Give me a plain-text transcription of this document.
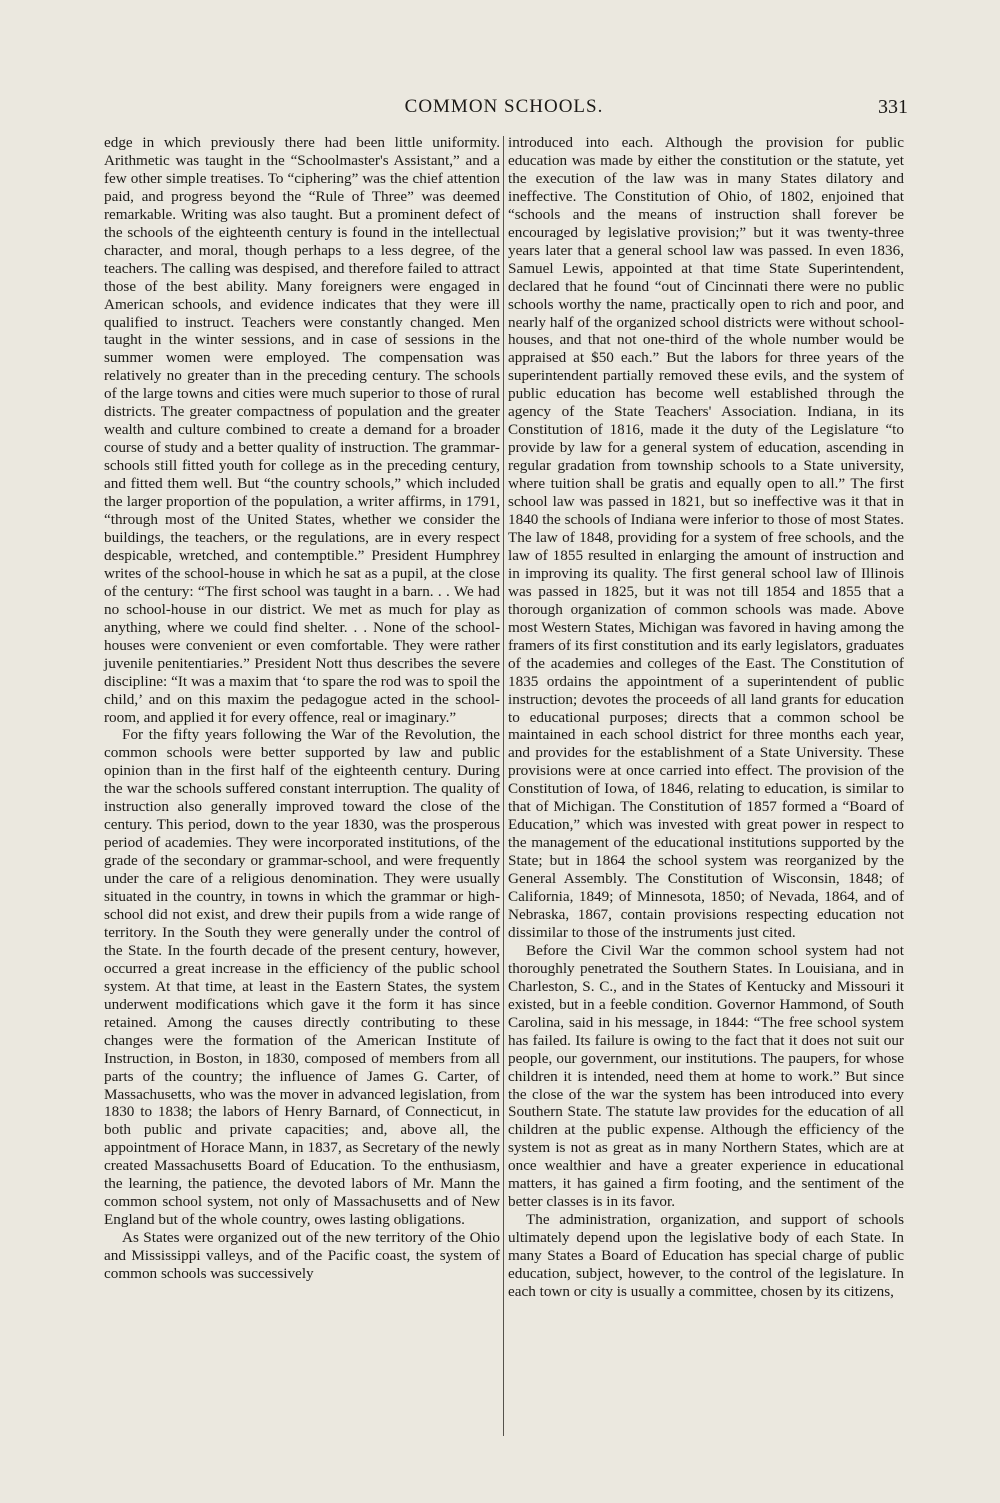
COMMON SCHOOLS.	331

edge in which previously there had been little uniformity. Arithmetic was taught in the “Schoolmaster's Assistant,” and a few other simple treatises. To “ciphering” was the chief attention paid, and progress beyond the “Rule of Three” was deemed remarkable. Writing was also taught. But a prominent defect of the schools of the eighteenth century is found in the intellectual character, and moral, though perhaps to a less degree, of the teachers. The calling was despised, and therefore failed to attract those of the best ability. Many foreigners were engaged in American schools, and evidence indicates that they were ill qualified to instruct. Teachers were constantly changed. Men taught in the winter sessions, and in case of sessions in the summer women were employed. The compensation was relatively no greater than in the preceding century. The schools of the large towns and cities were much superior to those of rural districts. The greater compactness of population and the greater wealth and culture combined to create a demand for a broader course of study and a better quality of instruction. The grammar-schools still fitted youth for college as in the preceding century, and fitted them well. But “the country schools,” which included the larger proportion of the population, a writer affirms, in 1791, “through most of the United States, whether we consider the buildings, the teachers, or the regulations, are in every respect despicable, wretched, and contemptible.” President Humphrey writes of the school-house in which he sat as a pupil, at the close of the century: “The first school was taught in a barn. . . We had no school-house in our district. We met as much for play as anything, where we could find shelter. . . None of the school-houses were convenient or even comfortable. They were rather juvenile penitentiaries.” President Nott thus describes the severe discipline: “It was a maxim that ‘to spare the rod was to spoil the child,’ and on this maxim the pedagogue acted in the school-room, and applied it for every offence, real or imaginary.”

For the fifty years following the War of the Revolution, the common schools were better supported by law and public opinion than in the first half of the eighteenth century. During the war the schools suffered constant interruption. The quality of instruction also generally improved toward the close of the century. This period, down to the year 1830, was the prosperous period of academies. They were incorporated institutions, of the grade of the secondary or grammar-school, and were frequently under the care of a religious denomination. They were usually situated in the country, in towns in which the grammar or high-school did not exist, and drew their pupils from a wide range of territory. In the South they were generally under the control of the State. In the fourth decade of the present century, however, occurred a great increase in the efficiency of the public school system. At that time, at least in the Eastern States, the system underwent modifications which gave it the form it has since retained. Among the causes directly contributing to these changes were the formation of the American Institute of Instruction, in Boston, in 1830, composed of members from all parts of the country; the influence of James G. Carter, of Massachusetts, who was the mover in advanced legislation, from 1830 to 1838; the labors of Henry Barnard, of Connecticut, in both public and private capacities; and, above all, the appointment of Horace Mann, in 1837, as Secretary of the newly created Massachusetts Board of Education. To the enthusiasm, the learning, the patience, the devoted labors of Mr. Mann the common school system, not only of Massachusetts and of New England but of the whole country, owes lasting obligations.

As States were organized out of the new territory of the Ohio and Mississippi valleys, and of the Pacific coast, the system of common schools was successively

introduced into each. Although the provision for public education was made by either the constitution or the statute, yet the execution of the law was in many States dilatory and ineffective. The Constitution of Ohio, of 1802, enjoined that “schools and the means of instruction shall forever be encouraged by legislative provision;” but it was twenty-three years later that a general school law was passed. In even 1836, Samuel Lewis, appointed at that time State Superintendent, declared that he found “out of Cincinnati there were no public schools worthy the name, practically open to rich and poor, and nearly half of the organized school districts were without school-houses, and that not one-third of the whole number would be appraised at $50 each.” But the labors for three years of the superintendent partially removed these evils, and the system of public education has become well established through the agency of the State Teachers' Association. Indiana, in its Constitution of 1816, made it the duty of the Legislature “to provide by law for a general system of education, ascending in regular gradation from township schools to a State university, where tuition shall be gratis and equally open to all.” The first school law was passed in 1821, but so ineffective was it that in 1840 the schools of Indiana were inferior to those of most States. The law of 1848, providing for a system of free schools, and the law of 1855 resulted in enlarging the amount of instruction and in improving its quality. The first general school law of Illinois was passed in 1825, but it was not till 1854 and 1855 that a thorough organization of common schools was made. Above most Western States, Michigan was favored in having among the framers of its first constitution and its early legislators, graduates of the academies and colleges of the East. The Constitution of 1835 ordains the appointment of a superintendent of public instruction; devotes the proceeds of all land grants for education to educational purposes; directs that a common school be maintained in each school district for three months each year, and provides for the establishment of a State University. These provisions were at once carried into effect. The provision of the Constitution of Iowa, of 1846, relating to education, is similar to that of Michigan. The Constitution of 1857 formed a “Board of Education,” which was invested with great power in respect to the management of the educational institutions supported by the State; but in 1864 the school system was reorganized by the General Assembly. The Constitution of Wisconsin, 1848; of California, 1849; of Minnesota, 1850; of Nevada, 1864, and of Nebraska, 1867, contain provisions respecting education not dissimilar to those of the instruments just cited.

Before the Civil War the common school system had not thoroughly penetrated the Southern States. In Louisiana, and in Charleston, S. C., and in the States of Kentucky and Missouri it existed, but in a feeble condition. Governor Hammond, of South Carolina, said in his message, in 1844: “The free school system has failed. Its failure is owing to the fact that it does not suit our people, our government, our institutions. The paupers, for whose children it is intended, need them at home to work.” But since the close of the war the system has been introduced into every Southern State. The statute law provides for the education of all children at the public expense. Although the efficiency of the system is not as great as in many Northern States, which are at once wealthier and have a greater experience in educational matters, it has gained a firm footing, and the sentiment of the better classes is in its favor.

The administration, organization, and support of schools ultimately depend upon the legislative body of each State. In many States a Board of Education has special charge of public education, subject, however, to the control of the legislature. In each town or city is usually a committee, chosen by its citizens,
